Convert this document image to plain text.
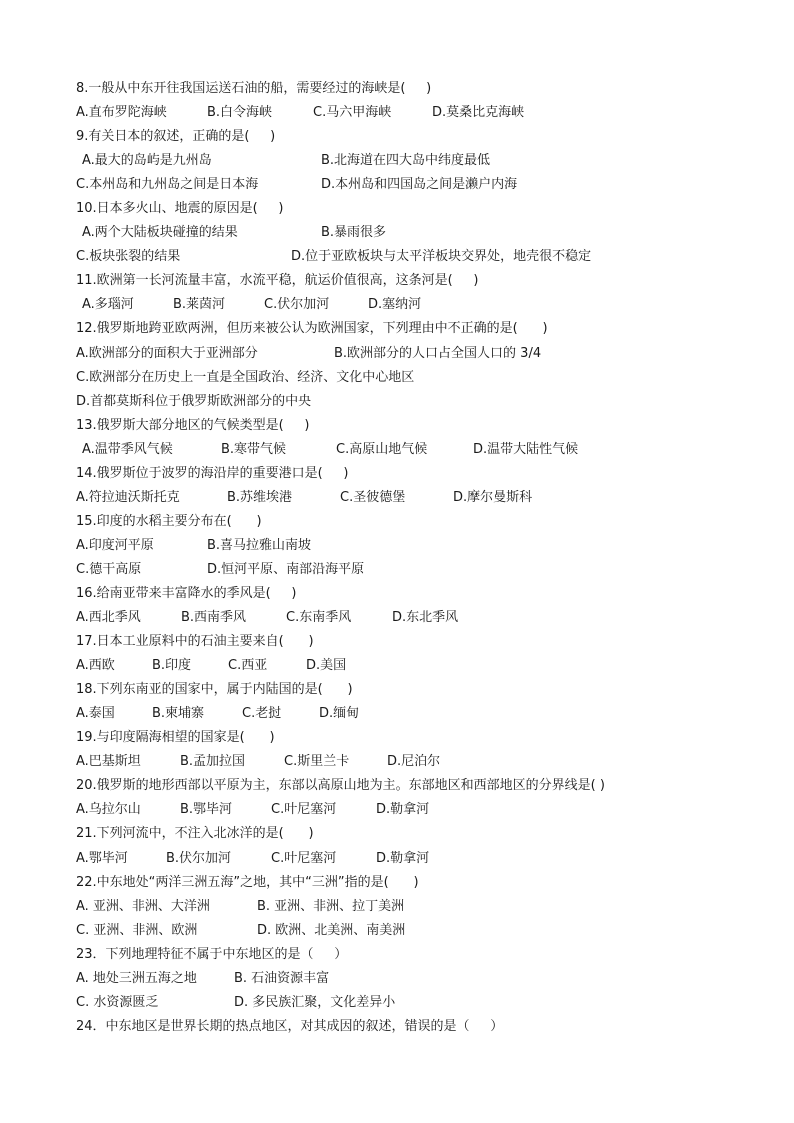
8.一般从中东开往我国运送石油的船，需要经过的海峡是(     )

A.直布罗陀海峡

	B.白令海峡

	C.马六甲海峡

	D.莫桑比克海峡

9.有关日本的叙述，正确的是(     )

A.最大的岛屿是九州岛

	B.北海道在四大岛中纬度最低

C.本州岛和九州岛之间是日本海

	D.本州岛和四国岛之间是濑户内海

10.日本多火山、地震的原因是(     )

A.两个大陆板块碰撞的结果

	B.暴雨很多

C.板块张裂的结果

	D.位于亚欧板块与太平洋板块交界处，地壳很不稳定

11.欧洲第一长河流量丰富，水流平稳，航运价值很高，这条河是(     )

A.多瑙河

	B.莱茵河

	C.伏尔加河

	D.塞纳河

12.俄罗斯地跨亚欧两洲，但历来被公认为欧洲国家，下列理由中不正确的是(      )

A.欧洲部分的面积大于亚洲部分

	B.欧洲部分的人口占全国人口的 3/4

C.欧洲部分在历史上一直是全国政治、经济、文化中心地区

D.首都莫斯科位于俄罗斯欧洲部分的中央

13.俄罗斯大部分地区的气候类型是(     )

A.温带季风气候

	B.寒带气候

	C.高原山地气候

	D.温带大陆性气候

14.俄罗斯位于波罗的海沿岸的重要港口是(     )

A.符拉迪沃斯托克

	B.苏维埃港

	C.圣彼德堡

	D.摩尔曼斯科

15.印度的水稻主要分布在(      )

A.印度河平原

	B.喜马拉雅山南坡

C.德干高原

	D.恒河平原、南部沿海平原

16.给南亚带来丰富降水的季风是(     )

A.西北季风

	B.西南季风

	C.东南季风

	D.东北季风

17.日本工业原料中的石油主要来自(      )

A.西欧

	B.印度

	C.西亚

	D.美国

18.下列东南亚的国家中，属于内陆国的是(      )

A.泰国

	B.柬埔寨

	C.老挝

	D.缅甸

19.与印度隔海相望的国家是(      )

A.巴基斯坦

	B.孟加拉国

	C.斯里兰卡

	D.尼泊尔

20.俄罗斯的地形西部以平原为主，东部以高原山地为主。东部地区和西部地区的分界线是( )

A.乌拉尔山

	B.鄂毕河

	C.叶尼塞河

	D.勒拿河

21.下列河流中，不注入北冰洋的是(      )

A.鄂毕河

	B.伏尔加河

	C.叶尼塞河

	D.勒拿河

22.中东地处“两洋三洲五海”之地，其中“三洲”指的是(      )

A. 亚洲、非洲、大洋洲

	B. 亚洲、非洲、拉丁美洲

C. 亚洲、非洲、欧洲

	D. 欧洲、北美洲、南美洲

23．下列地理特征不属于中东地区的是（     ）

A. 地处三洲五海之地

	B. 石油资源丰富

C. 水资源匮乏

	D. 多民族汇聚，文化差异小

24．中东地区是世界长期的热点地区，对其成因的叙述，错误的是（     ）
